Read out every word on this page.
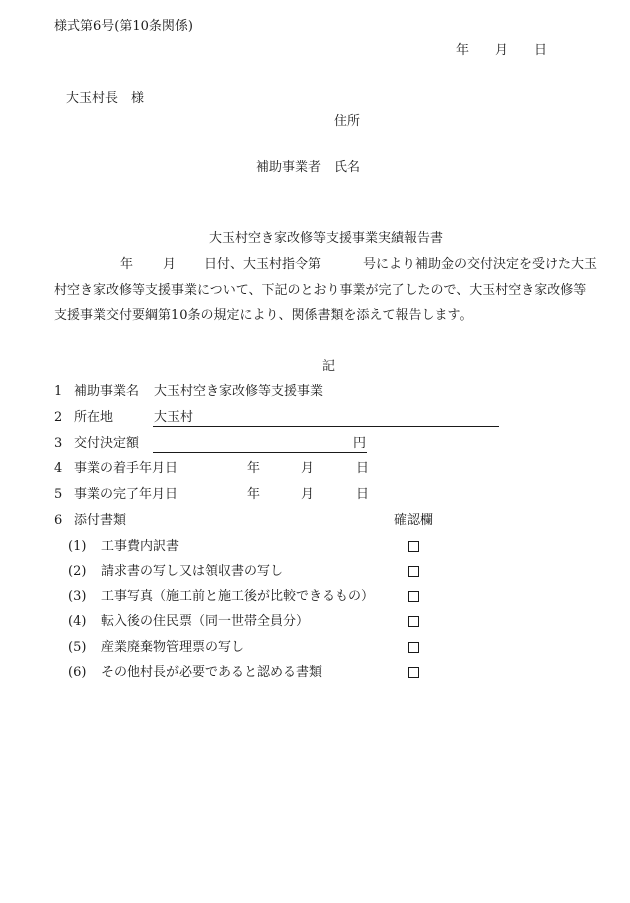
様式第6号(第10条関係)
年 月 日
大玉村長　様
住所
補助事業者　氏名
大玉村空き家改修等支援事業実績報告書
年 月 日付、大玉村指令第	号により補助金の交付決定を受けた大玉
村空き家改修等支援事業について、下記のとおり事業が完了したので、大玉村空き家改修等
支援事業交付要綱第10条の規定により、関係書類を添えて報告します。
記
1 補助事業名 大玉村空き家改修等支援事業
2 所在地	大玉村
3 交付決定額	円
4 事業の着手年月日	年	月	日
5 事業の完了年月日	年	月	日
6 添付書類	確認欄
(1) 工事費内訳書
(2) 請求書の写し又は領収書の写し
(3) 工事写真（施工前と施工後が比較できるもの）
(4) 転入後の住民票（同一世帯全員分）
(5) 産業廃棄物管理票の写し
(6) その他村長が必要であると認める書類
